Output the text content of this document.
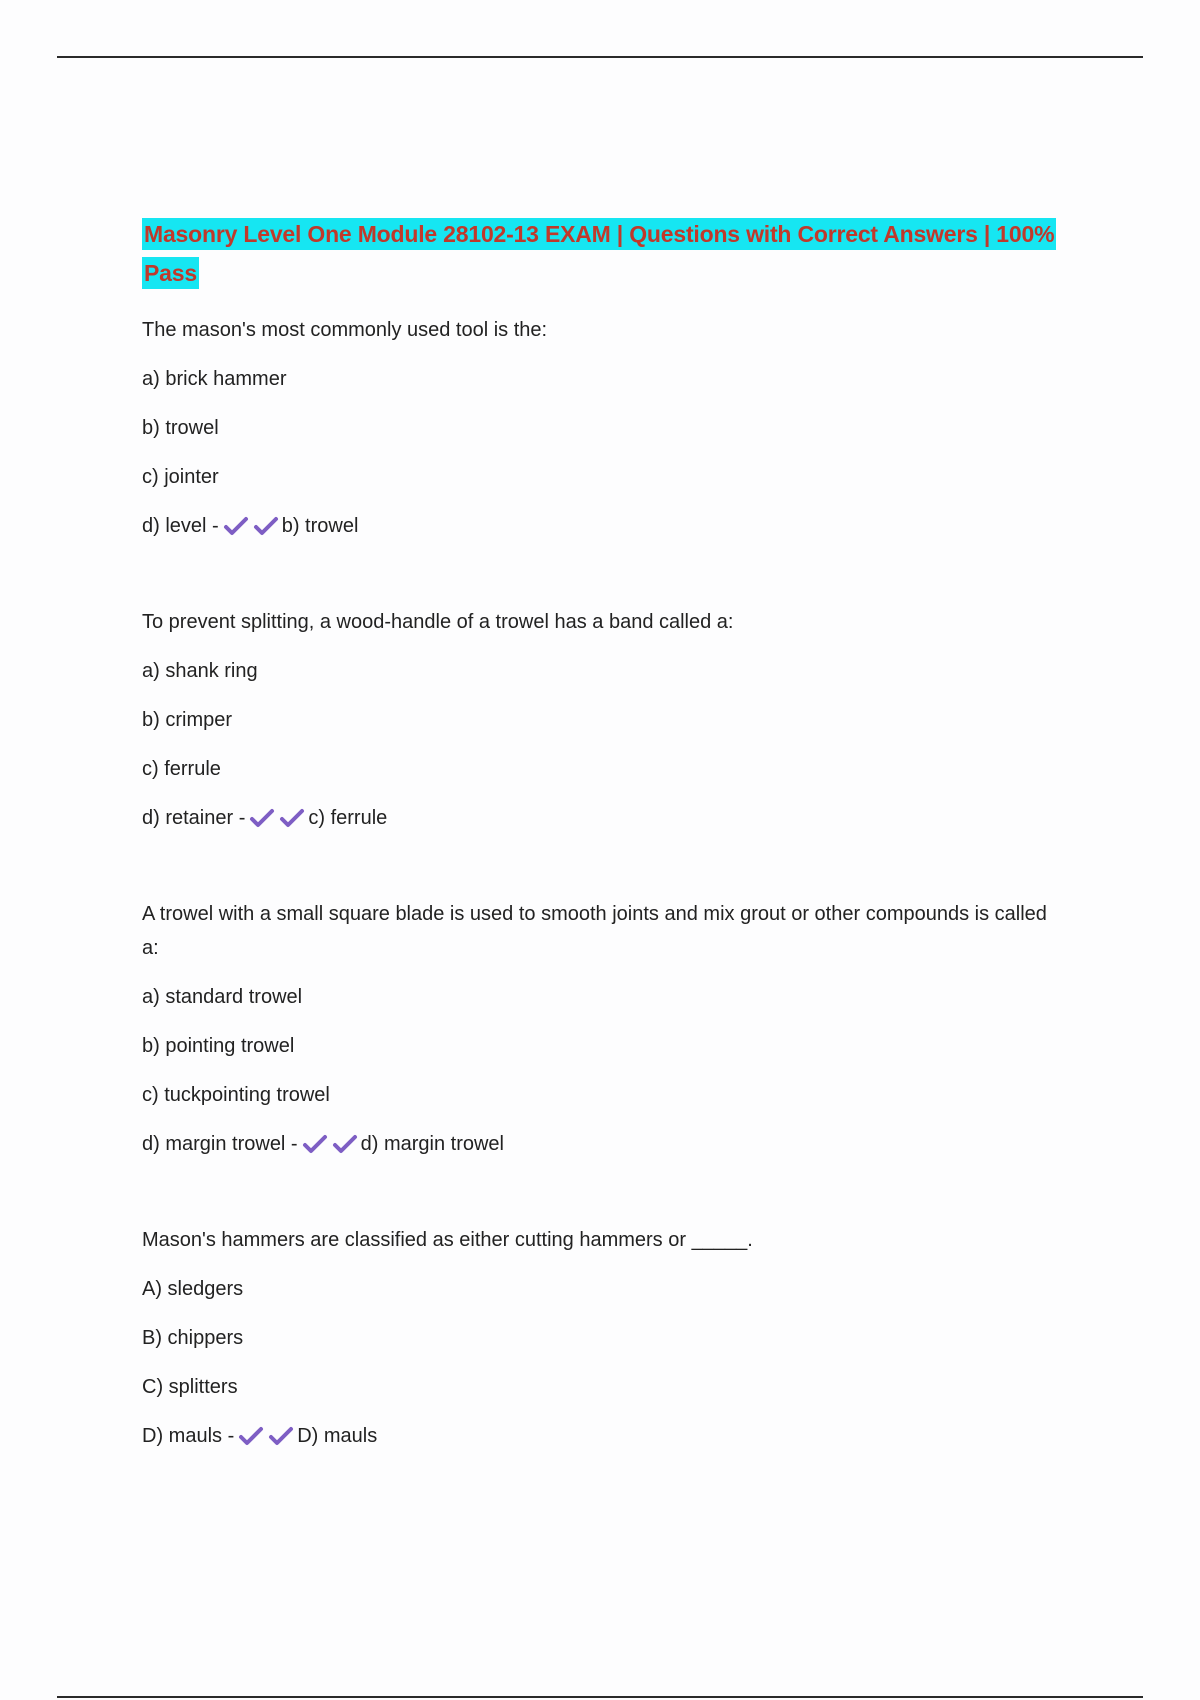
Masonry Level One Module 28102-13 EXAM | Questions with Correct Answers | 100% Pass
The mason's most commonly used tool is the:
a) brick hammer
b) trowel
c) jointer
d) level -	b) trowel
To prevent splitting, a wood-handle of a trowel has a band called a:
a) shank ring
b) crimper
c) ferrule
d) retainer -	c) ferrule
A trowel with a small square blade is used to smooth joints and mix grout or other compounds is called a:
a) standard trowel
b) pointing trowel
c) tuckpointing trowel
d) margin trowel -	d) margin trowel
Mason's hammers are classified as either cutting hammers or _____.
A) sledgers
B) chippers
C) splitters
D) mauls -	D) mauls
